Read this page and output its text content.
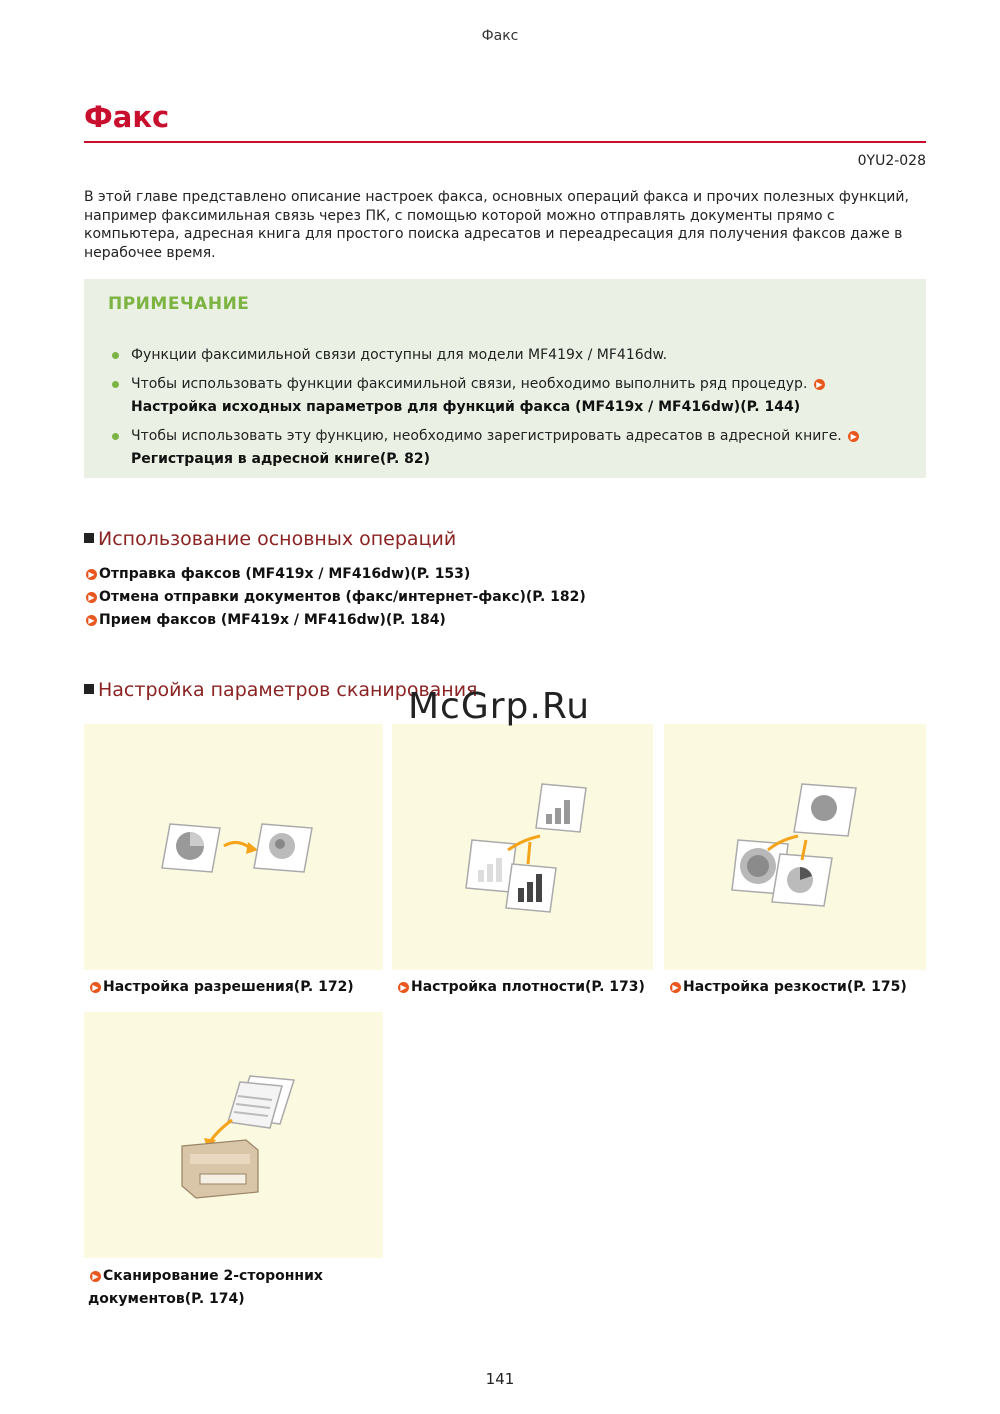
Факс
Факс
0YU2-028
В этой главе представлено описание настроек факса, основных операций факса и прочих полезных функций, например факсимильная связь через ПК, с помощью которой можно отправлять документы прямо с компьютера, адресная книга для простого поиска адресатов и переадресация для получения факсов даже в нерабочее время.
ПРИМЕЧАНИЕ
Функции факсимильной связи доступны для модели MF419x / MF416dw.
Чтобы использовать функции факсимильной связи, необходимо выполнить ряд процедур. ▶
Настройка исходных параметров для функций факса (MF419x / MF416dw)(P. 144)
Чтобы использовать эту функцию, необходимо зарегистрировать адресатов в адресной книге. ▶
Регистрация в адресной книге(P. 82)
Использование основных операций
▶ Отправка факсов (MF419x / MF416dw)(P. 153)
▶ Отмена отправки документов (факс/интернет-факс)(P. 182)
▶ Прием факсов (MF419x / MF416dw)(P. 184)
Настройка параметров сканирования
▶ Настройка разрешения(P. 172)	▶ Настройка плотности(P. 173)	▶ Настройка резкости(P. 175)
▶ Сканирование 2-сторонних
документов(P. 174)
McGrp.Ru
141
